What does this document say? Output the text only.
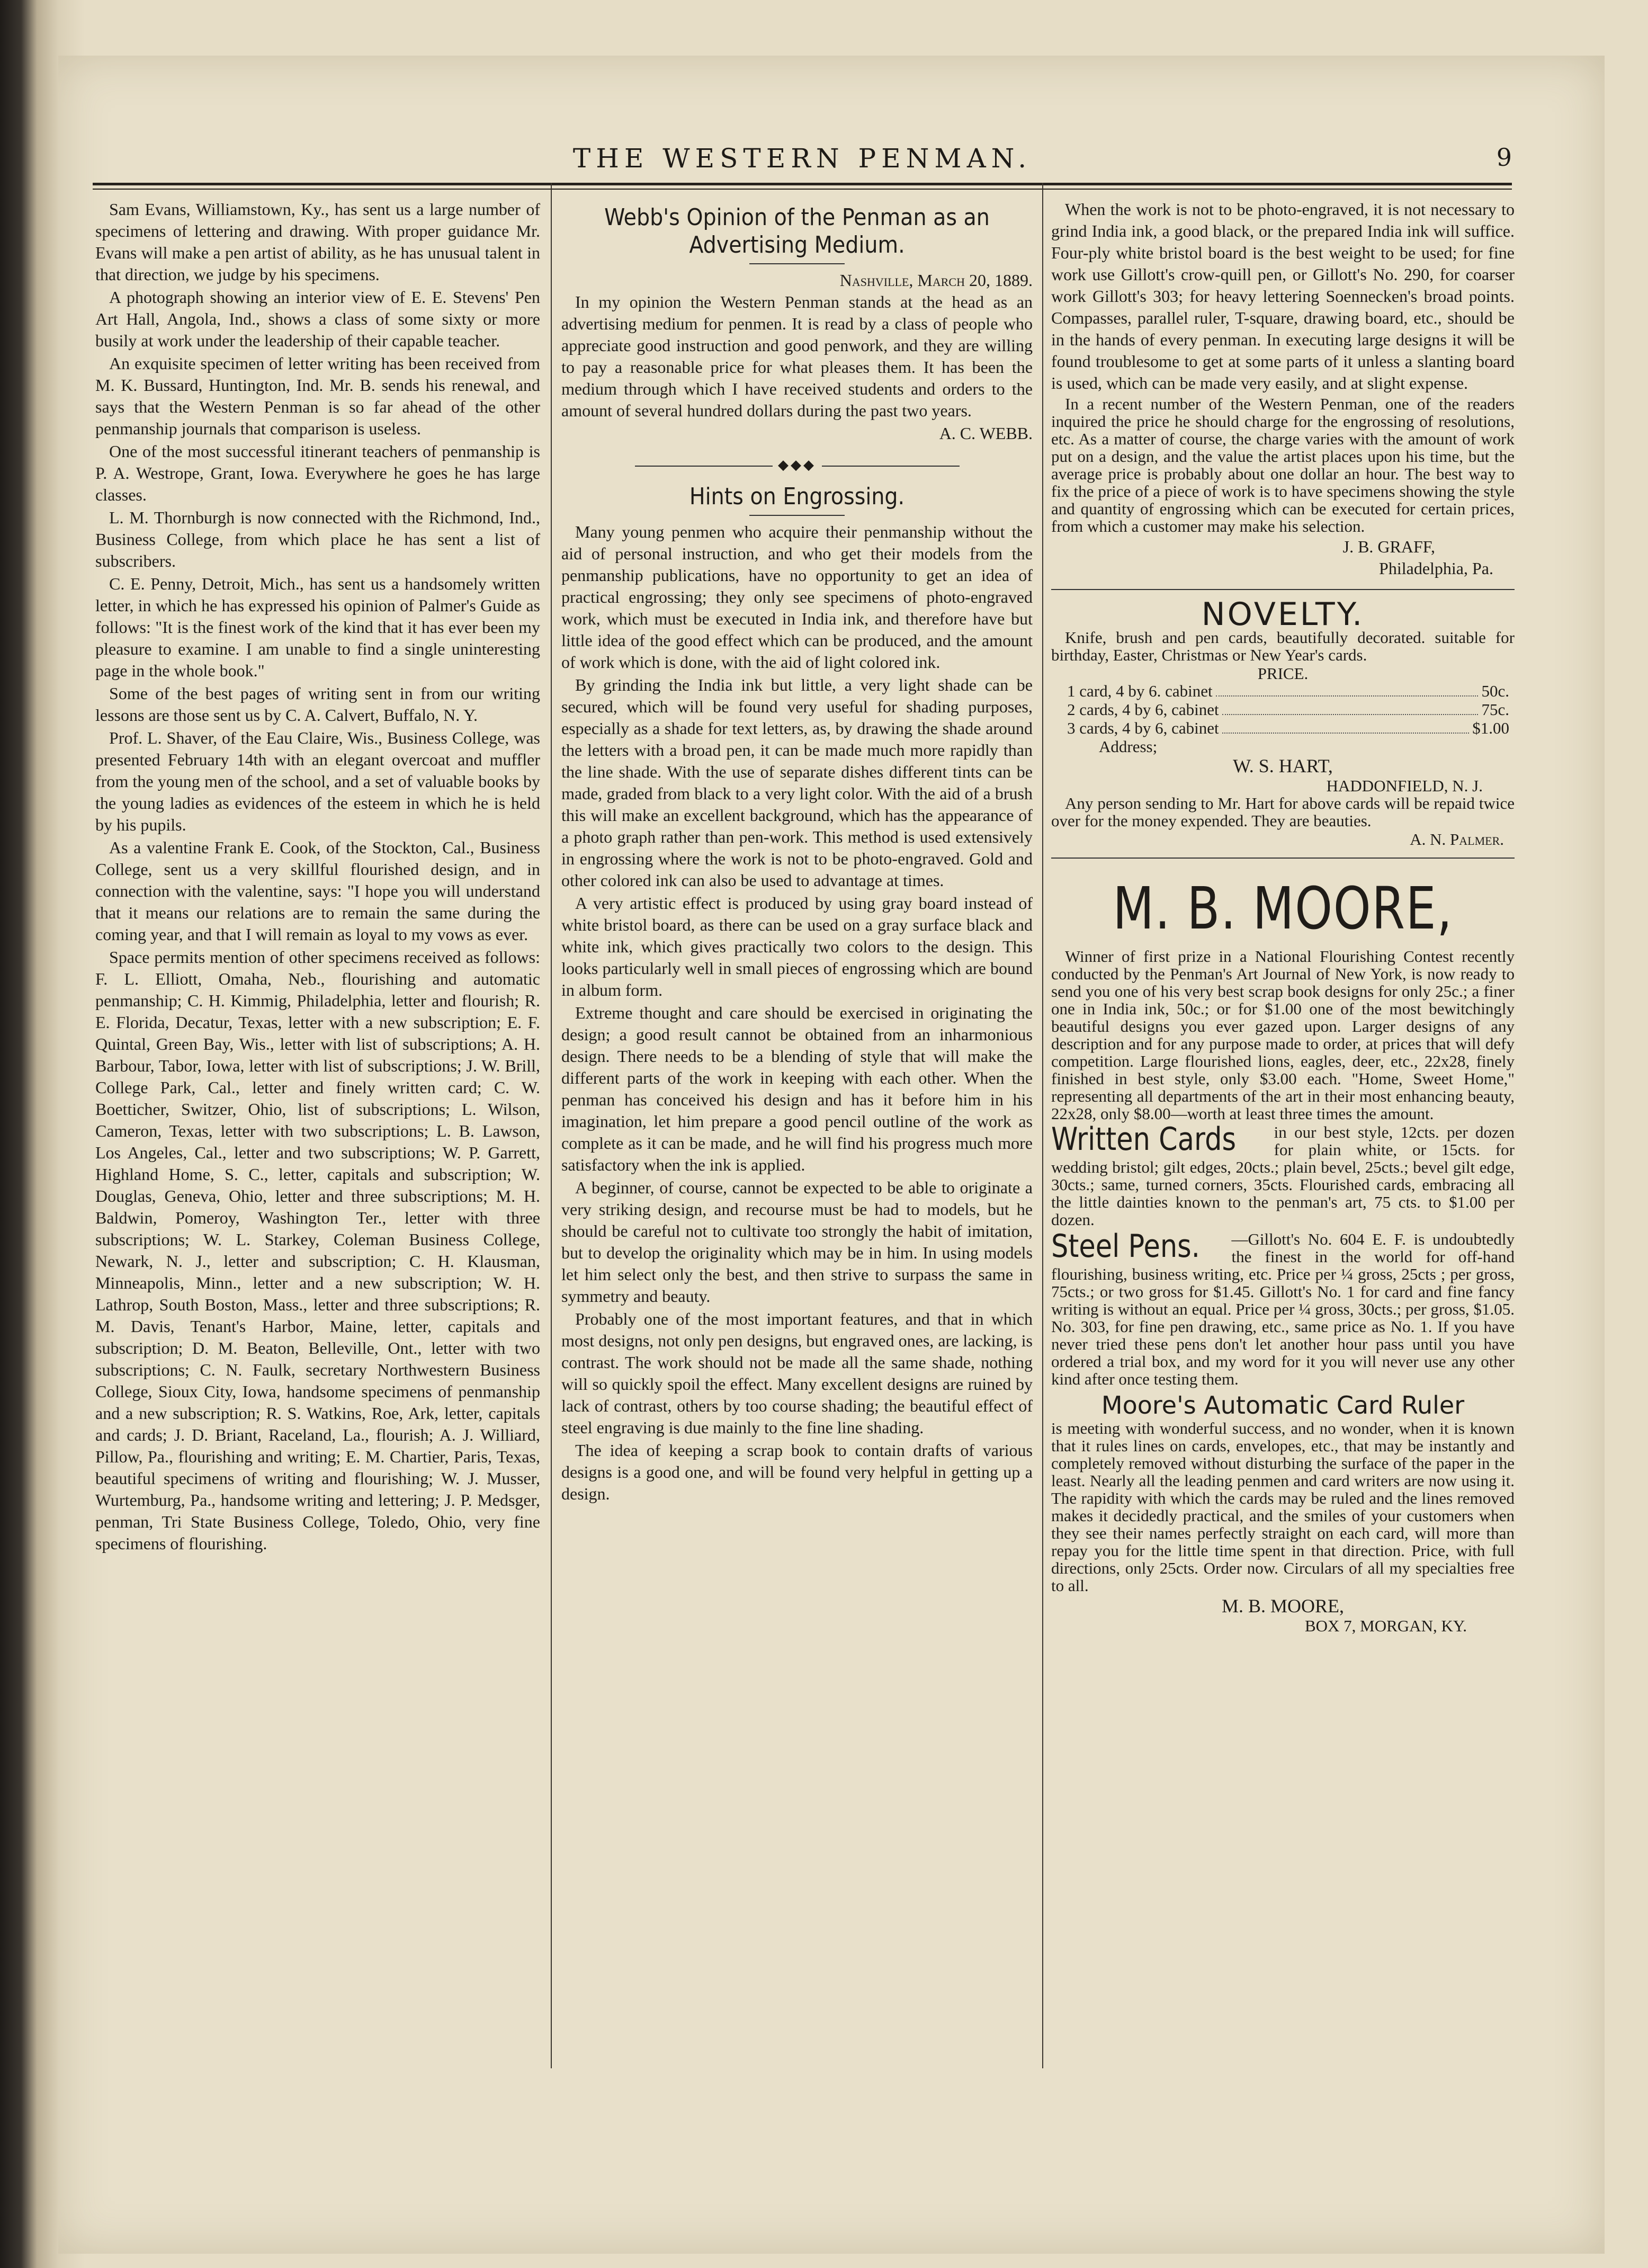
THE WESTERN PENMAN.	9

Sam Evans, Williamstown, Ky., has sent us a large number of specimens of lettering and drawing. With proper guidance Mr. Evans will make a pen artist of ability, as he has unusual talent in that direction, we judge by his specimens.

A photograph showing an interior view of E. E. Stevens' Pen Art Hall, Angola, Ind., shows a class of some sixty or more busily at work under the leadership of their capable teacher.

An exquisite specimen of letter writing has been received from M. K. Bussard, Huntington, Ind. Mr. B. sends his renewal, and says that the Western Penman is so far ahead of the other penmanship journals that comparison is useless.

One of the most successful itinerant teachers of penmanship is P. A. Westrope, Grant, Iowa. Everywhere he goes he has large classes.

L. M. Thornburgh is now connected with the Richmond, Ind., Business College, from which place he has sent a list of subscribers.

C. E. Penny, Detroit, Mich., has sent us a handsomely written letter, in which he has expressed his opinion of Palmer's Guide as follows: "It is the finest work of the kind that it has ever been my pleasure to examine. I am unable to find a single uninteresting page in the whole book."

Some of the best pages of writing sent in from our writing lessons are those sent us by C. A. Calvert, Buffalo, N. Y.

Prof. L. Shaver, of the Eau Claire, Wis., Business College, was presented February 14th with an elegant overcoat and muffler from the young men of the school, and a set of valuable books by the young ladies as evidences of the esteem in which he is held by his pupils.

As a valentine Frank E. Cook, of the Stockton, Cal., Business College, sent us a very skillful flourished design, and in connection with the valentine, says: "I hope you will understand that it means our relations are to remain the same during the coming year, and that I will remain as loyal to my vows as ever.

Space permits mention of other specimens received as follows: F. L. Elliott, Omaha, Neb., flourishing and automatic penmanship; C. H. Kimmig, Philadelphia, letter and flourish; R. E. Florida, Decatur, Texas, letter with a new subscription; E. F. Quintal, Green Bay, Wis., letter with list of subscriptions; A. H. Barbour, Tabor, Iowa, letter with list of subscriptions; J. W. Brill, College Park, Cal., letter and finely written card; C. W. Boetticher, Switzer, Ohio, list of subscriptions; L. Wilson, Cameron, Texas, letter with two subscriptions; L. B. Lawson, Los Angeles, Cal., letter and two subscriptions; W. P. Garrett, Highland Home, S. C., letter, capitals and subscription; W. Douglas, Geneva, Ohio, letter and three subscriptions; M. H. Baldwin, Pomeroy, Washington Ter., letter with three subscriptions; W. L. Starkey, Coleman Business College, Newark, N. J., letter and subscription; C. H. Klausman, Minneapolis, Minn., letter and a new subscription; W. H. Lathrop, South Boston, Mass., letter and three subscriptions; R. M. Davis, Tenant's Harbor, Maine, letter, capitals and subscription; D. M. Beaton, Belleville, Ont., letter with two subscriptions; C. N. Faulk, secretary Northwestern Business College, Sioux City, Iowa, handsome specimens of penmanship and a new subscription; R. S. Watkins, Roe, Ark, letter, capitals and cards; J. D. Briant, Raceland, La., flourish; A. J. Williard, Pillow, Pa., flourishing and writing; E. M. Chartier, Paris, Texas, beautiful specimens of writing and flourishing; W. J. Musser, Wurtemburg, Pa., handsome writing and lettering; J. P. Medsger, penman, Tri State Business College, Toledo, Ohio, very fine specimens of flourishing.

Webb's Opinion of the Penman as an Advertising Medium.
Nashville, March 20, 1889.

In my opinion the Western Penman stands at the head as an advertising medium for penmen. It is read by a class of people who appreciate good instruction and good penwork, and they are willing to pay a reasonable price for what pleases them. It has been the medium through which I have received students and orders to the amount of several hundred dollars during the past two years.

A. C. WEBB.
◆◆◆
Hints on Engrossing.

Many young penmen who acquire their penmanship without the aid of personal instruction, and who get their models from the penmanship publications, have no opportunity to get an idea of practical engrossing; they only see specimens of photo-engraved work, which must be executed in India ink, and therefore have but little idea of the good effect which can be produced, and the amount of work which is done, with the aid of light colored ink.

By grinding the India ink but little, a very light shade can be secured, which will be found very useful for shading purposes, especially as a shade for text letters, as, by drawing the shade around the letters with a broad pen, it can be made much more rapidly than the line shade. With the use of separate dishes different tints can be made, graded from black to a very light color. With the aid of a brush this will make an excellent background, which has the appearance of a photo graph rather than pen-work. This method is used extensively in engrossing where the work is not to be photo-engraved. Gold and other colored ink can also be used to advantage at times.

A very artistic effect is produced by using gray board instead of white bristol board, as there can be used on a gray surface black and white ink, which gives practically two colors to the design. This looks particularly well in small pieces of engrossing which are bound in album form.

Extreme thought and care should be exercised in originating the design; a good result cannot be obtained from an inharmonious design. There needs to be a blending of style that will make the different parts of the work in keeping with each other. When the penman has conceived his design and has it before him in his imagination, let him prepare a good pencil outline of the work as complete as it can be made, and he will find his progress much more satisfactory when the ink is applied.

A beginner, of course, cannot be expected to be able to originate a very striking design, and recourse must be had to models, but he should be careful not to cultivate too strongly the habit of imitation, but to develop the originality which may be in him. In using models let him select only the best, and then strive to surpass the same in symmetry and beauty.

Probably one of the most important features, and that in which most designs, not only pen designs, but engraved ones, are lacking, is contrast. The work should not be made all the same shade, nothing will so quickly spoil the effect. Many excellent designs are ruined by lack of contrast, others by too course shading; the beautiful effect of steel engraving is due mainly to the fine line shading.

The idea of keeping a scrap book to contain drafts of various designs is a good one, and will be found very helpful in getting up a design.

When the work is not to be photo-engraved, it is not necessary to grind India ink, a good black, or the prepared India ink will suffice. Four-ply white bristol board is the best weight to be used; for fine work use Gillott's crow-quill pen, or Gillott's No. 290, for coarser work Gillott's 303; for heavy lettering Soennecken's broad points. Compasses, parallel ruler, T-square, drawing board, etc., should be in the hands of every penman. In executing large designs it will be found troublesome to get at some parts of it unless a slanting board is used, which can be made very easily, and at slight expense.

In a recent number of the Western Penman, one of the readers inquired the price he should charge for the engrossing of resolutions, etc. As a matter of course, the charge varies with the amount of work put on a design, and the value the artist places upon his time, but the average price is probably about one dollar an hour. The best way to fix the price of a piece of work is to have specimens showing the style and quantity of engrossing which can be executed for certain prices, from which a customer may make his selection.

J. B. GRAFF,
Philadelphia, Pa.
NOVELTY.

Knife, brush and pen cards, beautifully decorated. suitable for birthday, Easter, Christmas or New Year's cards.

PRICE.
1 card, 4 by 6. cabinet	50c.
2 cards, 4 by 6, cabinet	75c.
3 cards, 4 by 6, cabinet	$1.00
Address;
W. S. HART,
HADDONFIELD, N. J.

Any person sending to Mr. Hart for above cards will be repaid twice over for the money expended. They are beauties.

A. N. Palmer.
M. B. MOORE,

Winner of first prize in a National Flourishing Contest recently conducted by the Penman's Art Journal of New York, is now ready to send you one of his very best scrap book designs for only 25c.; a finer one in India ink, 50c.; or for $1.00 one of the most bewitchingly beautiful designs you ever gazed upon. Larger designs of any description and for any purpose made to order, at prices that will defy competition. Large flourished lions, eagles, deer, etc., 22x28, finely finished in best style, only $3.00 each. "Home, Sweet Home," representing all departments of the art in their most enhancing beauty, 22x28, only $8.00—worth at least three times the amount.

Written Cards in our best style, 12cts. per dozen for plain white, or 15cts. for wedding bristol; gilt edges, 20cts.; plain bevel, 25cts.; bevel gilt edge, 30cts.; same, turned corners, 35cts. Flourished cards, embracing all the little dainties known to the penman's art, 75 cts. to $1.00 per dozen.
Steel Pens. —Gillott's No. 604 E. F. is undoubtedly the finest in the world for off-hand flourishing, business writing, etc. Price per ¼ gross, 25cts ; per gross, 75cts.; or two gross for $1.45. Gillott's No. 1 for card and fine fancy writing is without an equal. Price per ¼ gross, 30cts.; per gross, $1.05. No. 303, for fine pen drawing, etc., same price as No. 1. If you have never tried these pens don't let another hour pass until you have ordered a trial box, and my word for it you will never use any other kind after once testing them.
Moore's Automatic Card Ruler

is meeting with wonderful success, and no wonder, when it is known that it rules lines on cards, envelopes, etc., that may be instantly and completely removed without disturbing the surface of the paper in the least. Nearly all the leading penmen and card writers are now using it. The rapidity with which the cards may be ruled and the lines removed makes it decidedly practical, and the smiles of your customers when they see their names perfectly straight on each card, will more than repay you for the little time spent in that direction. Price, with full directions, only 25cts. Order now. Circulars of all my specialties free to all.

M. B. MOORE,
BOX 7, MORGAN, KY.
